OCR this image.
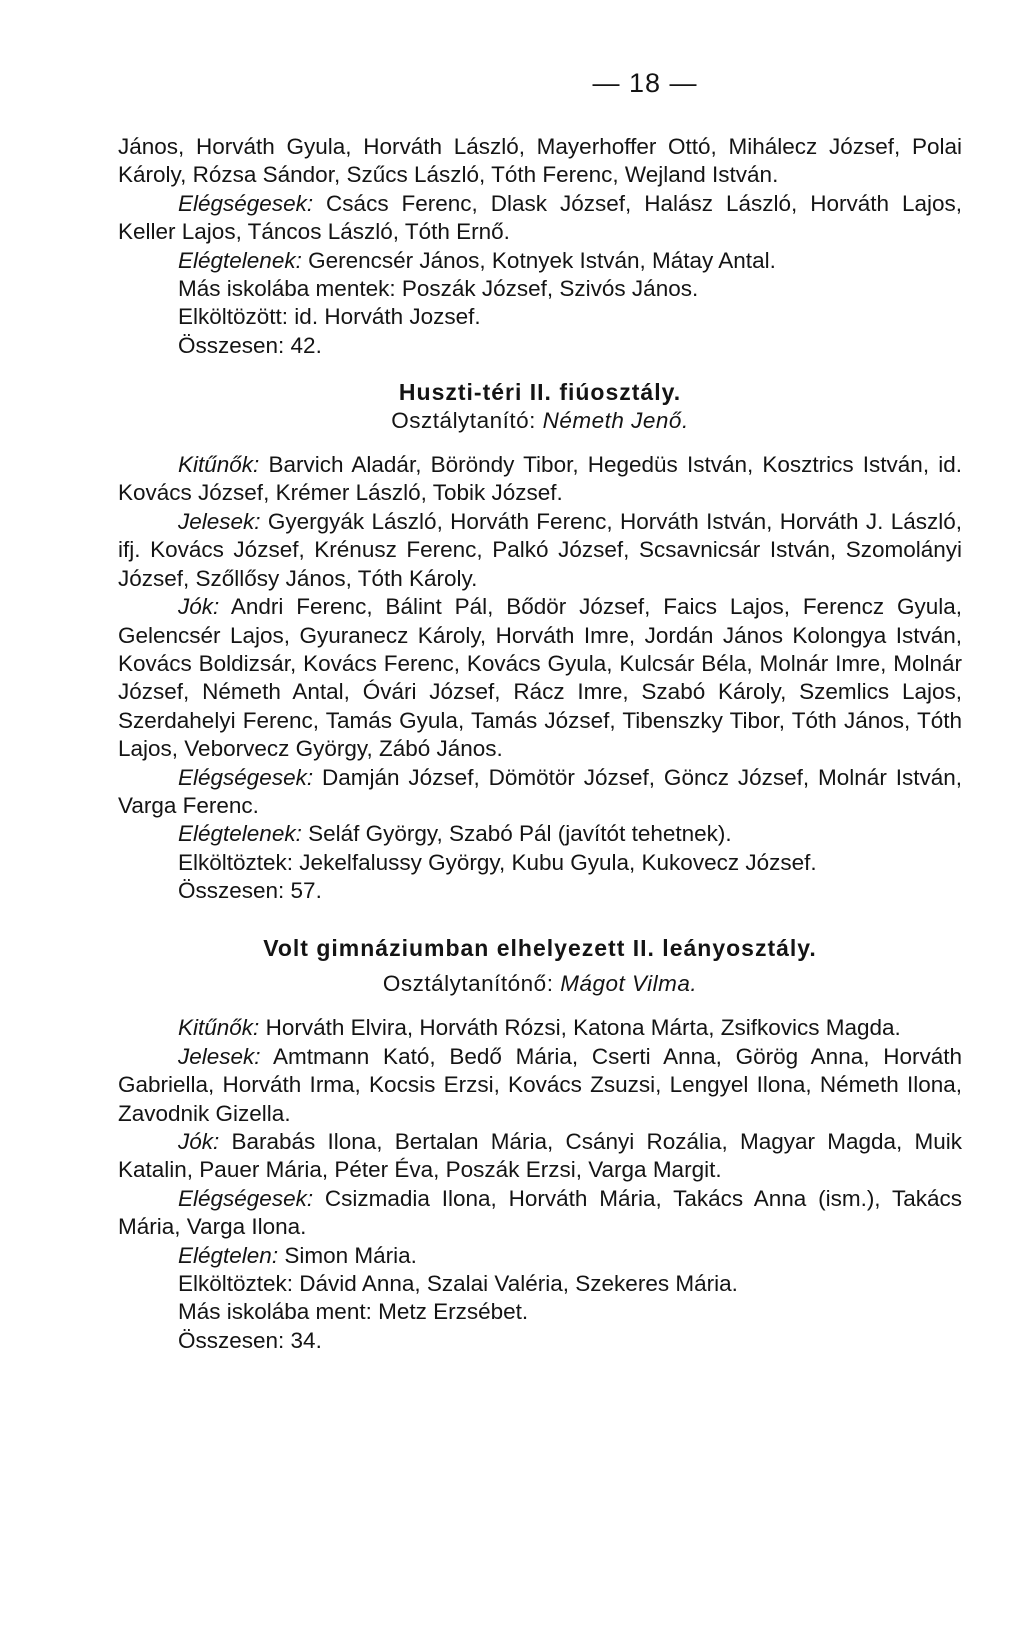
— 18 —

János, Horváth Gyula, Horváth László, Mayerhoffer Ottó, Mihálecz József, Polai Károly, Rózsa Sándor, Szűcs László, Tóth Ferenc, Wejland István.

Elégségesek: Csács Ferenc, Dlask József, Halász László, Horváth Lajos, Keller Lajos, Táncos László, Tóth Ernő.

Elégtelenek: Gerencsér János, Kotnyek István, Mátay Antal.

Más iskolába mentek: Poszák József, Szivós János.

Elköltözött: id. Horváth Jozsef.

Összesen: 42.

Huszti-téri II. fiúosztály.

Osztálytanító: Németh Jenő.

Kitűnők: Barvich Aladár, Böröndy Tibor, Hegedüs István, Kosztrics István, id. Kovács József, Krémer László, Tobik József.

Jelesek: Gyergyák László, Horváth Ferenc, Horváth István, Horváth J. László, ifj. Kovács József, Krénusz Ferenc, Palkó József, Scsavnicsár István, Szomolányi József, Szőllősy János, Tóth Károly.

Jók: Andri Ferenc, Bálint Pál, Bődör József, Faics Lajos, Ferencz Gyula, Gelencsér Lajos, Gyuranecz Károly, Horváth Imre, Jordán János Kolongya István, Kovács Boldizsár, Kovács Ferenc, Kovács Gyula, Kulcsár Béla, Molnár Imre, Molnár József, Németh Antal, Óvári József, Rácz Imre, Szabó Károly, Szemlics Lajos, Szerdahelyi Ferenc, Tamás Gyula, Tamás József, Tibenszky Tibor, Tóth János, Tóth Lajos, Veborvecz György, Zábó János.

Elégségesek: Damján József, Dömötör József, Göncz József, Molnár István, Varga Ferenc.

Elégtelenek: Seláf György, Szabó Pál (javítót tehetnek).

Elköltöztek: Jekelfalussy György, Kubu Gyula, Kukovecz József.

Összesen: 57.

Volt gimnáziumban elhelyezett II. leányosztály.

Osztálytanítónő: Mágot Vilma.

Kitűnők: Horváth Elvira, Horváth Rózsi, Katona Márta, Zsifkovics Magda.

Jelesek: Amtmann Kató, Bedő Mária, Cserti Anna, Görög Anna, Horváth Gabriella, Horváth Irma, Kocsis Erzsi, Kovács Zsuzsi, Lengyel Ilona, Németh Ilona, Zavodnik Gizella.

Jók: Barabás Ilona, Bertalan Mária, Csányi Rozália, Magyar Magda, Muik Katalin, Pauer Mária, Péter Éva, Poszák Erzsi, Varga Margit.

Elégségesek: Csizmadia Ilona, Horváth Mária, Takács Anna (ism.), Takács Mária, Varga Ilona.

Elégtelen: Simon Mária.

Elköltöztek: Dávid Anna, Szalai Valéria, Szekeres Mária.

Más iskolába ment: Metz Erzsébet.

Összesen: 34.
